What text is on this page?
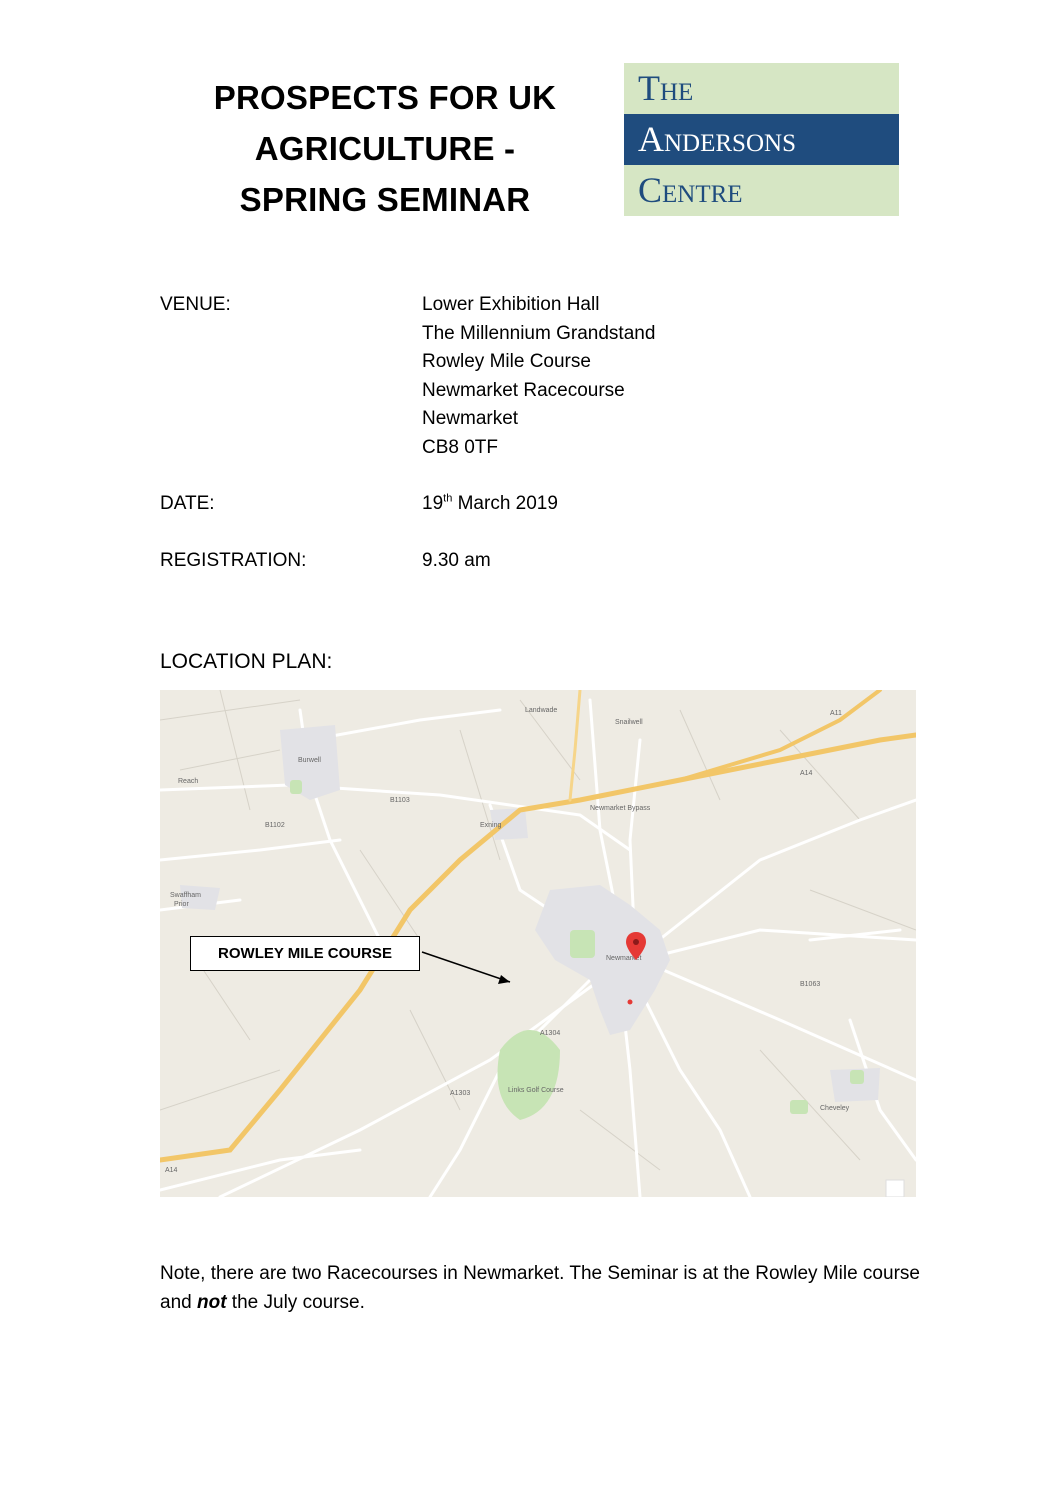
PROSPECTS FOR UK
AGRICULTURE -
SPRING SEMINAR
The
Andersons
Centre
VENUE:	Lower Exhibition Hall
The Millennium Grandstand
Rowley Mile Course
Newmarket Racecourse
Newmarket
CB8 0TF
DATE:	19th March 2019
REGISTRATION:	9.30 am
LOCATION PLAN:
Landwade
Snailwell
Burwell
Reach
Exning
Swaffham
Prior
Newmarket
Links Golf Course
Cheveley
A14
A14
A11
B1102
B1103
B1063
A1304
A1303
Newmarket Bypass
ROWLEY MILE COURSE
Note, there are two Racecourses in Newmarket. The Seminar is at the Rowley Mile course and not the July course.
